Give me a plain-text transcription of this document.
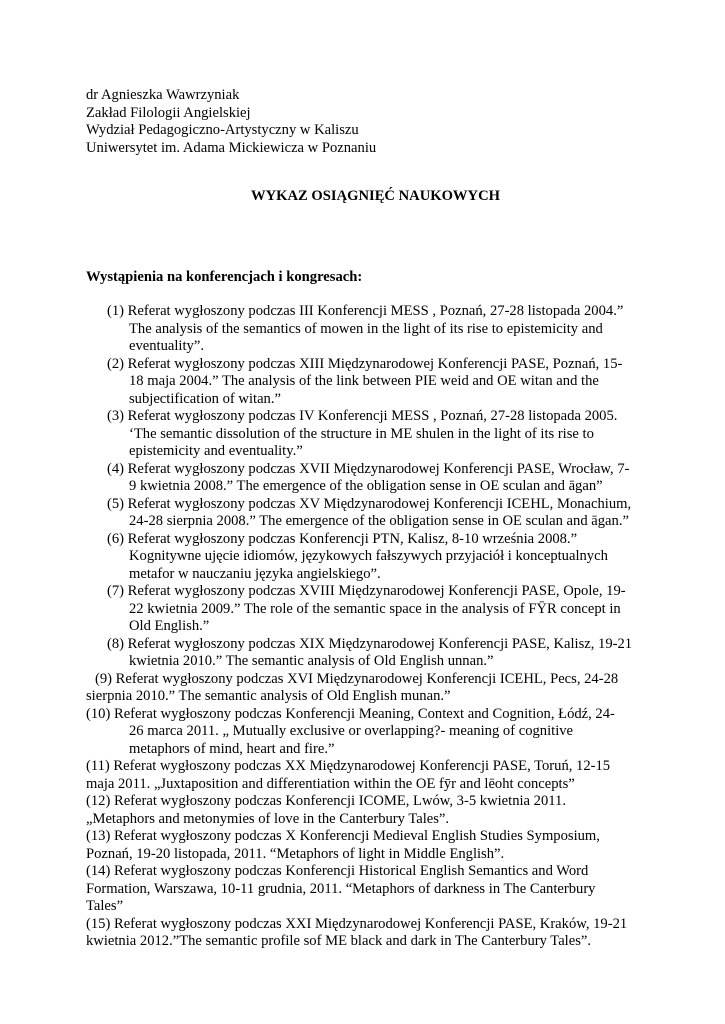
dr Agnieszka Wawrzyniak
Zakład Filologii Angielskiej
Wydział Pedagogiczno-Artystyczny w Kaliszu
Uniwersytet im. Adama Mickiewicza w Poznaniu
WYKAZ OSIĄGNIĘĆ NAUKOWYCH
Wystąpienia na konferencjach i kongresach:
(1) Referat wygłoszony podczas III Konferencji MESS , Poznań, 27-28 listopada 2004.”
The analysis of the semantics of mowen in the light of its rise to epistemicity and
eventuality”.
(2) Referat wygłoszony podczas XIII Międzynarodowej Konferencji PASE, Poznań, 15-
18 maja 2004.” The analysis of the link between PIE weid and OE witan and the
subjectification of witan.”
(3) Referat wygłoszony podczas IV Konferencji MESS , Poznań, 27-28 listopada 2005.
‘The semantic dissolution of the structure in ME shulen in the light of its rise to
epistemicity and eventuality.”
(4) Referat wygłoszony podczas XVII Międzynarodowej Konferencji PASE, Wrocław, 7-
9 kwietnia 2008.” The emergence of the obligation sense in OE sculan and āgan”
(5) Referat wygłoszony podczas XV Międzynarodowej Konferencji ICEHL, Monachium,
24-28 sierpnia 2008.” The emergence of the obligation sense in OE sculan and āgan.”
(6) Referat wygłoszony podczas Konferencji PTN, Kalisz, 8-10 września 2008.”
Kognitywne ujęcie idiomów, językowych fałszywych przyjaciół i konceptualnych
metafor w nauczaniu języka angielskiego”.
(7) Referat wygłoszony podczas XVIII Międzynarodowej Konferencji PASE, Opole, 19-
22 kwietnia 2009.” The role of the semantic space in the analysis of FȲR concept in
Old English.”
(8) Referat wygłoszony podczas XIX Międzynarodowej Konferencji PASE, Kalisz, 19-21
kwietnia 2010.” The semantic analysis of Old English unnan.”
(9) Referat wygłoszony podczas XVI Międzynarodowej Konferencji ICEHL, Pecs, 24-28
sierpnia 2010.” The semantic analysis of Old English munan.”
(10) Referat wygłoszony podczas Konferencji Meaning, Context and Cognition, Łódź, 24-
26 marca 2011. „ Mutually exclusive or overlapping?- meaning of cognitive
metaphors of mind, heart and fire.”
(11) Referat wygłoszony podczas XX Międzynarodowej Konferencji PASE, Toruń, 12-15
maja 2011. „Juxtaposition and differentiation within the OE fȳr and lēoht concepts”
(12) Referat wygłoszony podczas Konferencji ICOME, Lwów, 3-5 kwietnia 2011.
„Metaphors and metonymies of love in the Canterbury Tales”.
(13) Referat wygłoszony podczas X Konferencji Medieval English Studies Symposium,
Poznań, 19-20 listopada, 2011. “Metaphors of light in Middle English”.
(14) Referat wygłoszony podczas Konferencji Historical English Semantics and Word
Formation, Warszawa, 10-11 grudnia, 2011. “Metaphors of darkness in The Canterbury
Tales”
(15) Referat wygłoszony podczas XXI Międzynarodowej Konferencji PASE, Kraków, 19-21
kwietnia 2012.”The semantic profile sof ME black and dark in The Canterbury Tales”.
